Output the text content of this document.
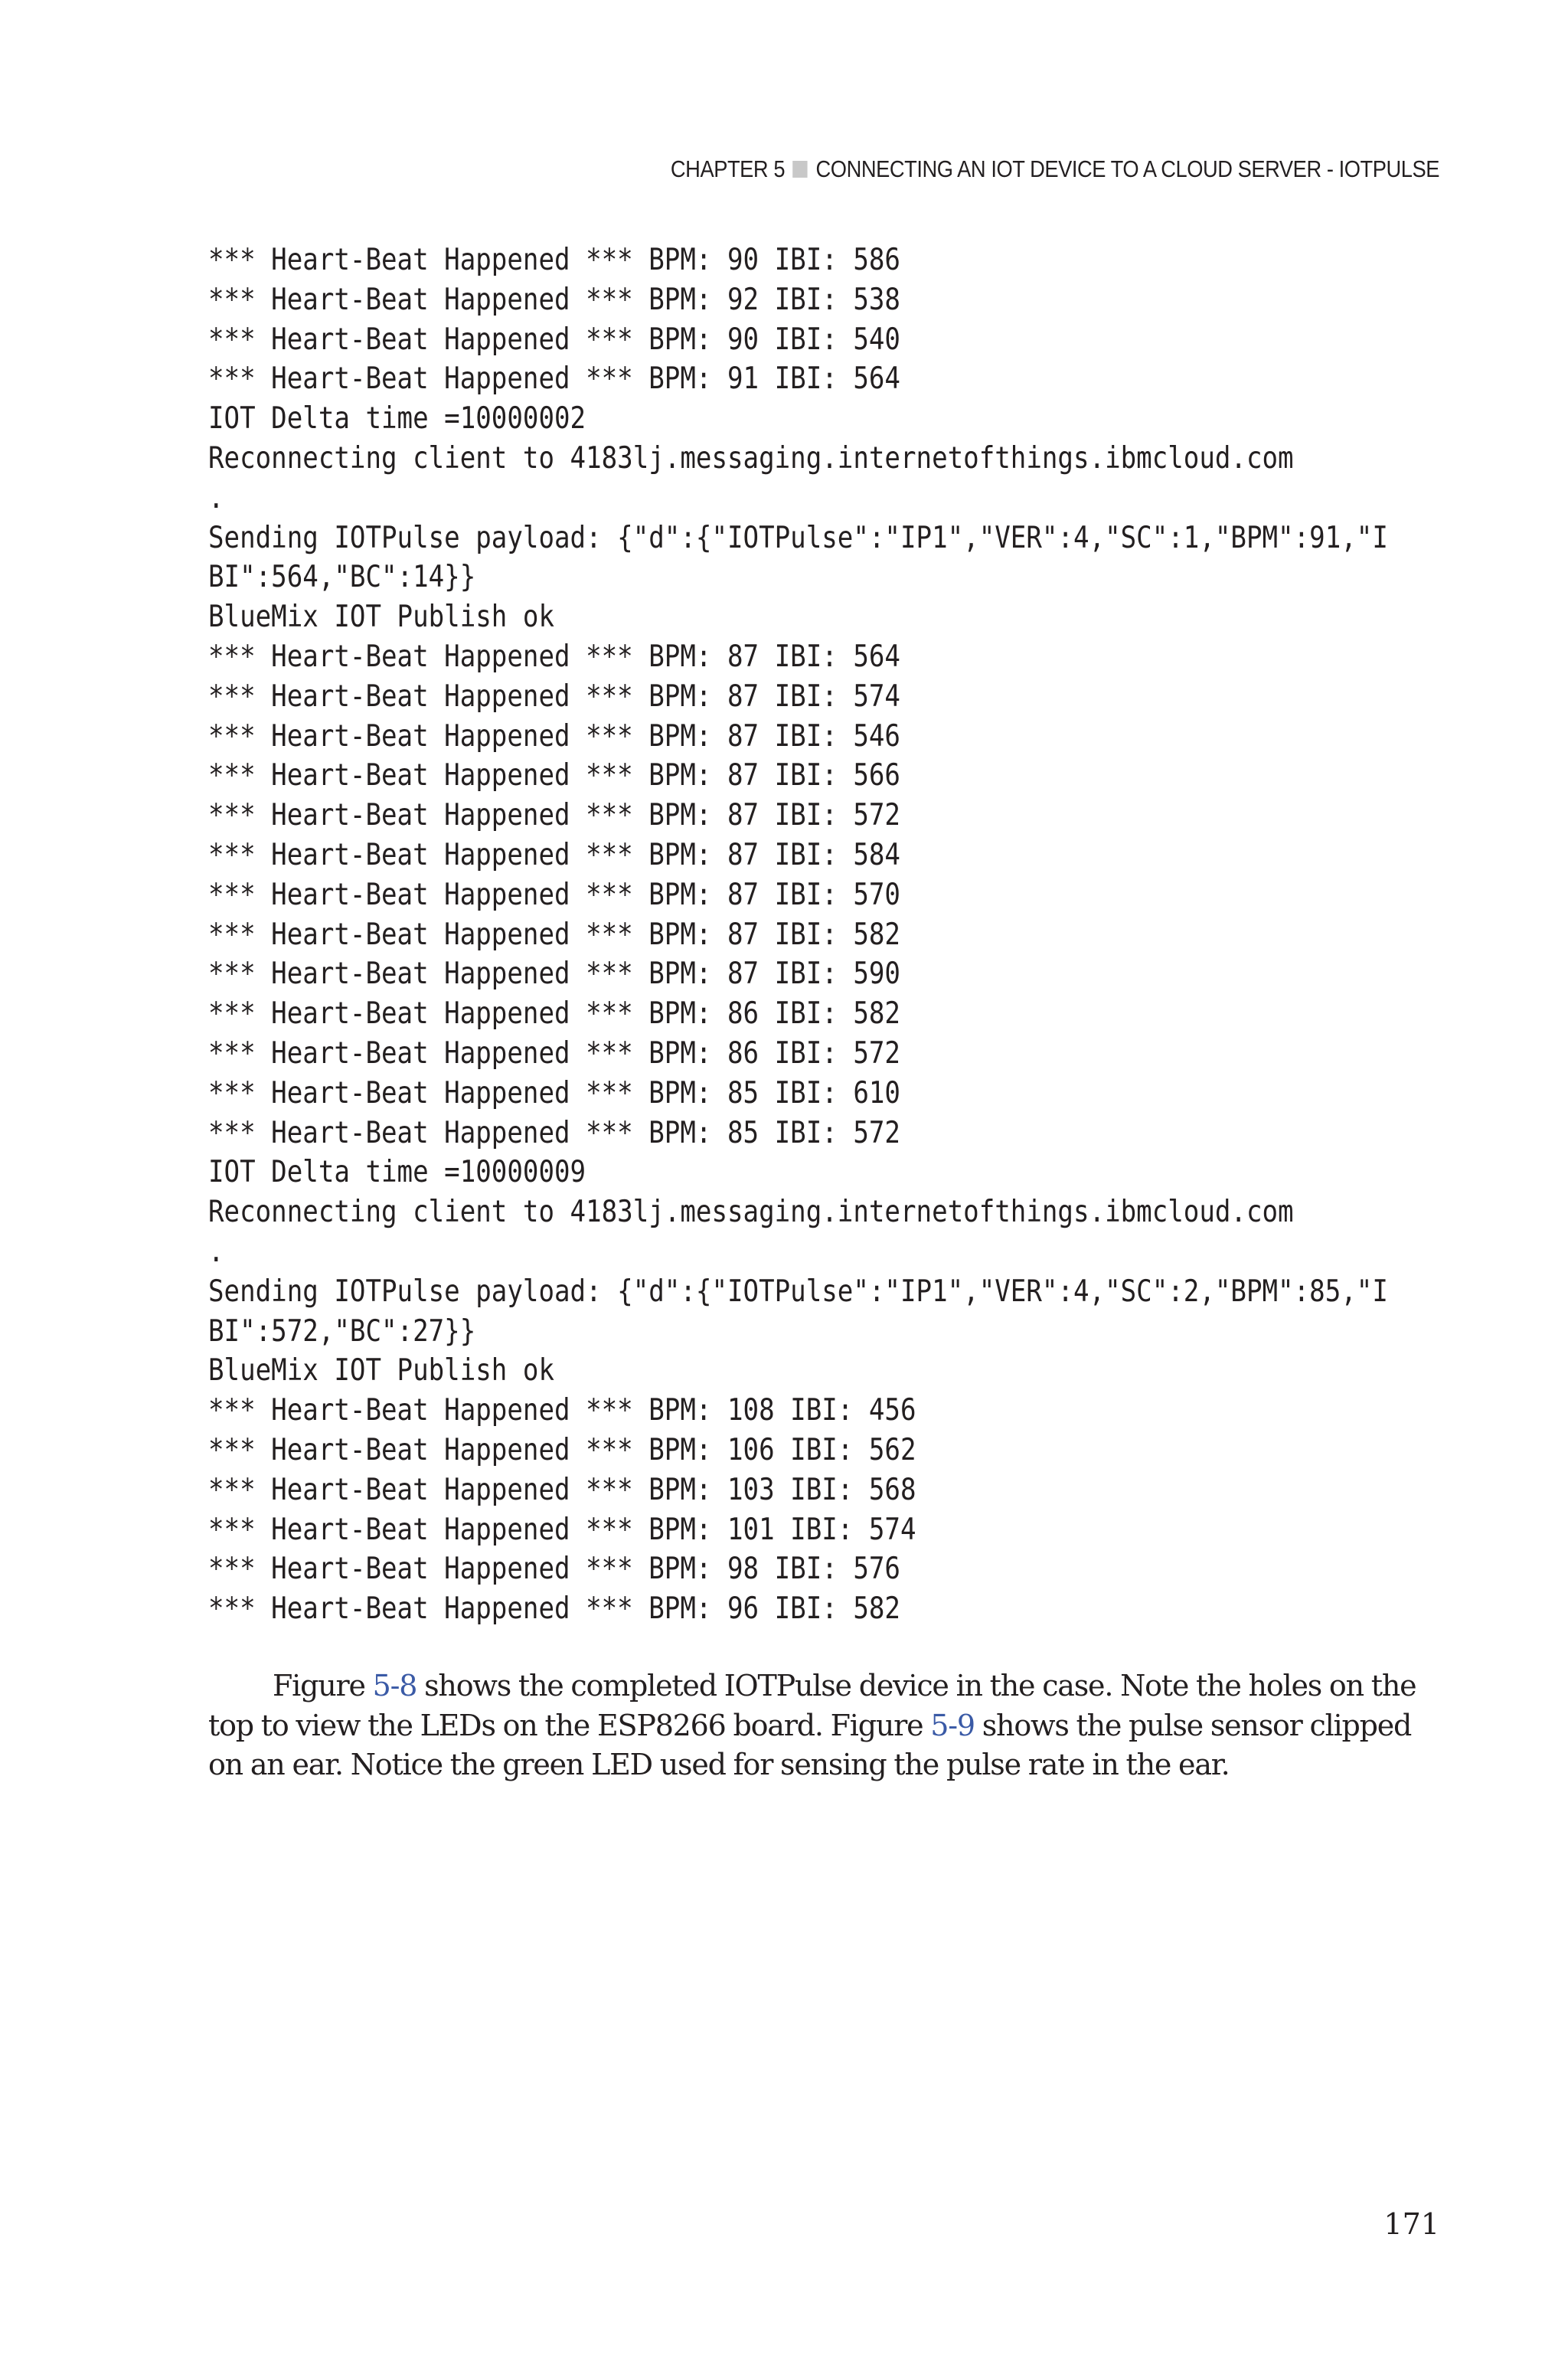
CHAPTER 5 CONNECTING AN IOT DEVICE TO A CLOUD SERVER - IOTPULSE
*** Heart-Beat Happened *** BPM: 90 IBI: 586
*** Heart-Beat Happened *** BPM: 92 IBI: 538
*** Heart-Beat Happened *** BPM: 90 IBI: 540
*** Heart-Beat Happened *** BPM: 91 IBI: 564
IOT Delta time =10000002
Reconnecting client to 4183lj.messaging.internetofthings.ibmcloud.com
.
Sending IOTPulse payload: {"d":{"IOTPulse":"IP1","VER":4,"SC":1,"BPM":91,"I
BI":564,"BC":14}}
BlueMix IOT Publish ok
*** Heart-Beat Happened *** BPM: 87 IBI: 564
*** Heart-Beat Happened *** BPM: 87 IBI: 574
*** Heart-Beat Happened *** BPM: 87 IBI: 546
*** Heart-Beat Happened *** BPM: 87 IBI: 566
*** Heart-Beat Happened *** BPM: 87 IBI: 572
*** Heart-Beat Happened *** BPM: 87 IBI: 584
*** Heart-Beat Happened *** BPM: 87 IBI: 570
*** Heart-Beat Happened *** BPM: 87 IBI: 582
*** Heart-Beat Happened *** BPM: 87 IBI: 590
*** Heart-Beat Happened *** BPM: 86 IBI: 582
*** Heart-Beat Happened *** BPM: 86 IBI: 572
*** Heart-Beat Happened *** BPM: 85 IBI: 610
*** Heart-Beat Happened *** BPM: 85 IBI: 572
IOT Delta time =10000009
Reconnecting client to 4183lj.messaging.internetofthings.ibmcloud.com
.
Sending IOTPulse payload: {"d":{"IOTPulse":"IP1","VER":4,"SC":2,"BPM":85,"I
BI":572,"BC":27}}
BlueMix IOT Publish ok
*** Heart-Beat Happened *** BPM: 108 IBI: 456
*** Heart-Beat Happened *** BPM: 106 IBI: 562
*** Heart-Beat Happened *** BPM: 103 IBI: 568
*** Heart-Beat Happened *** BPM: 101 IBI: 574
*** Heart-Beat Happened *** BPM: 98 IBI: 576
*** Heart-Beat Happened *** BPM: 96 IBI: 582

Figure 5-8 shows the completed IOTPulse device in the case. Note the holes on the top to view the LEDs on the ESP8266 board. Figure 5-9 shows the pulse sensor clipped on an ear. Notice the green LED used for sensing the pulse rate in the ear.

171
